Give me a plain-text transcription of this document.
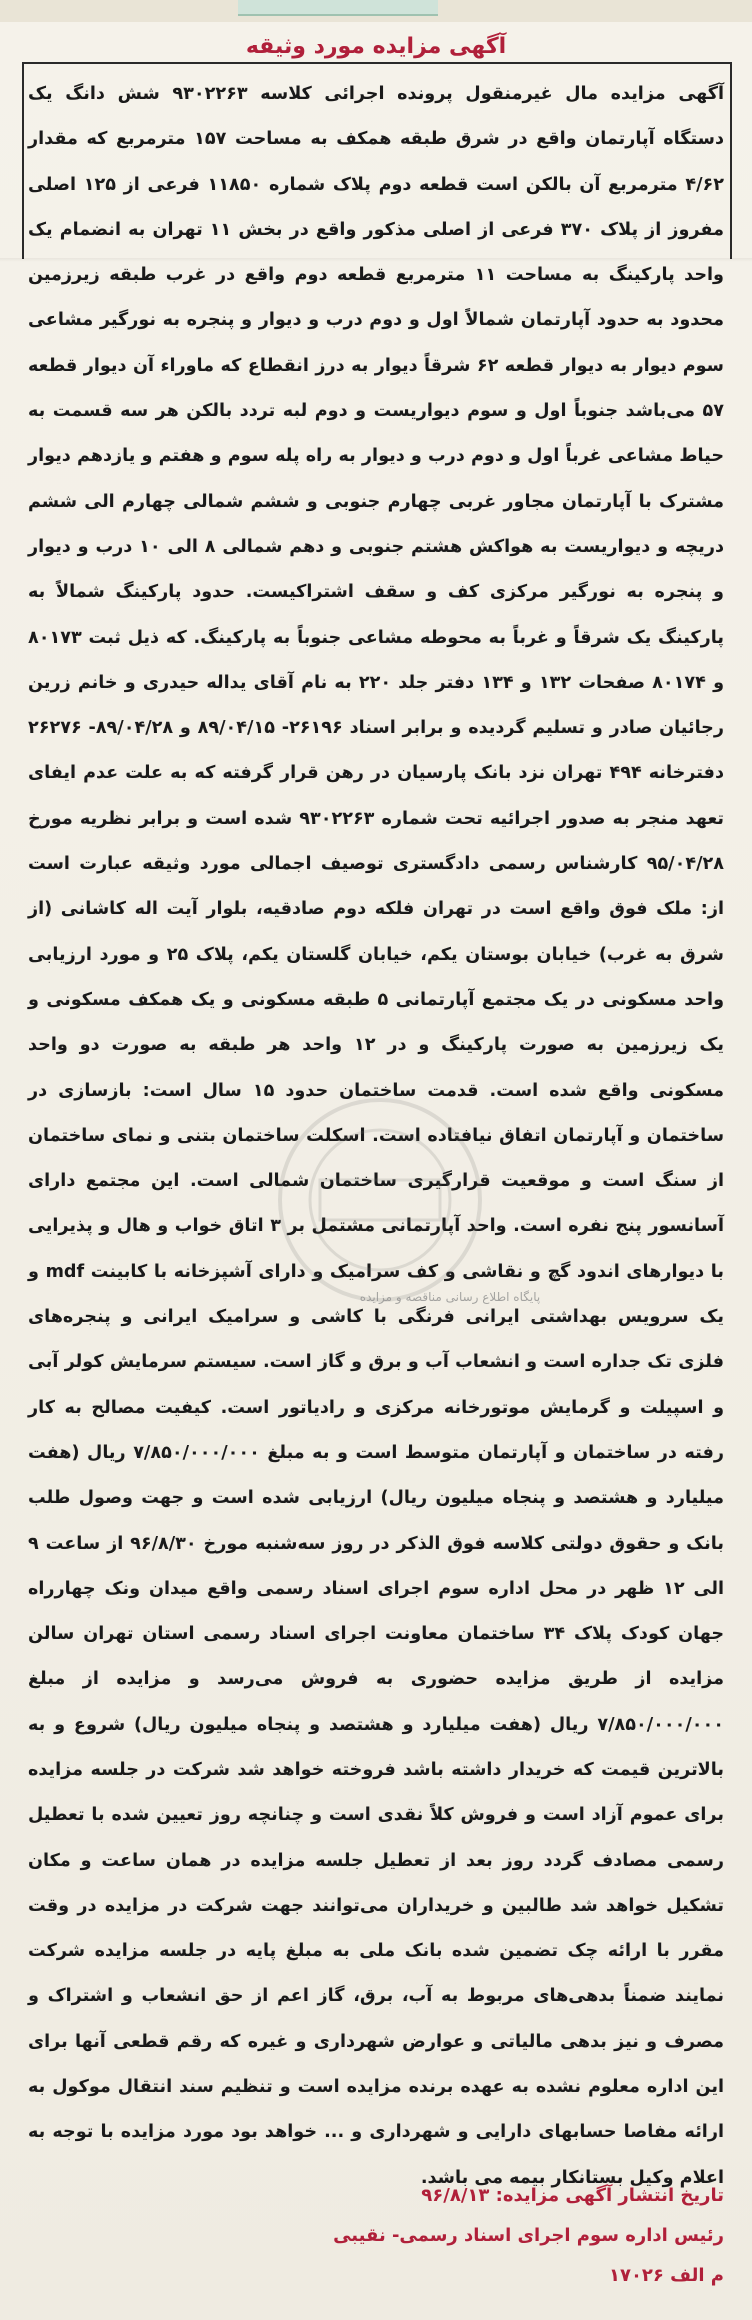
آگهی مزایده مورد وثیقه

آگهی مزایده مال غیرمنقول پرونده اجرائی کلاسه ۹۳۰۲۲۶۳ شش دانگ یک دستگاه آپارتمان واقع در شرق طبقه همکف به مساحت ۱۵۷ مترمربع که مقدار ۴/۶۲ مترمربع آن بالکن است قطعه دوم پلاک شماره ۱۱۸۵۰ فرعی از ۱۲۵ اصلی مفروز از پلاک ۳۷۰ فرعی از اصلی مذکور واقع در بخش ۱۱ تهران به انضمام یک واحد پارکینگ به مساحت ۱۱ مترمربع قطعه دوم واقع در غرب طبقه زیرزمین محدود به حدود آپارتمان شمالاً اول و دوم درب و دیوار و پنجره به نورگیر مشاعی سوم دیوار به دیوار قطعه ۶۲ شرقاً دیوار به درز انقطاع که ماوراء آن دیوار قطعه ۵۷ می‌باشد جنوباً اول و سوم دیواریست و دوم لبه تردد بالکن هر سه قسمت به حیاط مشاعی غرباً اول و دوم درب و دیوار به راه پله سوم و هفتم و یازدهم دیوار مشترک با آپارتمان مجاور غربی چهارم جنوبی و ششم شمالی چهارم الی ششم دریچه و دیواریست به هواکش هشتم جنوبی و دهم شمالی ۸ الی ۱۰ درب و دیوار و پنجره به نورگیر مرکزی کف و سقف اشتراکیست. حدود پارکینگ شمالاً به پارکینگ یک شرقاً و غرباً به محوطه مشاعی جنوباً به پارکینگ. که ذیل ثبت ۸۰۱۷۳ و ۸۰۱۷۴ صفحات ۱۳۲ و ۱۳۴ دفتر جلد ۲۲۰ به نام آقای یداله حیدری و خانم زرین رجائیان صادر و تسلیم گردیده و برابر اسناد ۲۶۱۹۶- ۸۹/۰۴/۱۵ و ۸۹/۰۴/۲۸- ۲۶۲۷۶ دفترخانه ۴۹۴ تهران نزد بانک پارسیان در رهن قرار گرفته که به علت عدم ایفای تعهد منجر به صدور اجرائیه تحت شماره ۹۳۰۲۲۶۳ شده است و برابر نظریه مورخ ۹۵/۰۴/۲۸ کارشناس رسمی دادگستری توصیف اجمالی مورد وثیقه عبارت است از: ملک فوق واقع است در تهران فلکه دوم صادقیه، بلوار آیت اله کاشانی (از شرق به غرب) خیابان بوستان یکم، خیابان گلستان یکم، پلاک ۲۵ و مورد ارزیابی واحد مسکونی در یک مجتمع آپارتمانی ۵ طبقه مسکونی و یک همکف مسکونی و یک زیرزمین به صورت پارکینگ و در ۱۲ واحد هر طبقه به صورت دو واحد مسکونی واقع شده است. قدمت ساختمان حدود ۱۵ سال است: بازسازی در ساختمان و آپارتمان اتفاق نیافتاده است. اسکلت ساختمان بتنی و نمای ساختمان از سنگ است و موقعیت قرارگیری ساختمان شمالی است. این مجتمع دارای آسانسور پنج نفره است. واحد آپارتمانی مشتمل بر ۳ اتاق خواب و هال و پذیرایی با دیوارهای اندود گچ و نقاشی و کف سرامیک و دارای آشپزخانه با کابینت mdf و یک سرویس بهداشتی ایرانی فرنگی با کاشی و سرامیک ایرانی و پنجره‌های فلزی تک جداره است و انشعاب آب و برق و گاز است. سیستم سرمایش کولر آبی و اسپیلت و گرمایش موتورخانه مرکزی و رادیاتور است. کیفیت مصالح به کار رفته در ساختمان و آپارتمان متوسط است و به مبلغ ۷/۸۵۰/۰۰۰/۰۰۰ ریال (هفت میلیارد و هشتصد و پنجاه میلیون ریال) ارزیابی شده است و جهت وصول طلب بانک و حقوق دولتی کلاسه فوق الذکر در روز سه‌شنبه مورخ ۹۶/۸/۳۰ از ساعت ۹ الی ۱۲ ظهر در محل اداره سوم اجرای اسناد رسمی واقع میدان ونک چهارراه جهان کودک پلاک ۳۴ ساختمان معاونت اجرای اسناد رسمی استان تهران سالن مزایده از طریق مزایده حضوری به فروش می‌رسد و مزایده از مبلغ ۷/۸۵۰/۰۰۰/۰۰۰ ریال (هفت میلیارد و هشتصد و پنجاه میلیون ریال) شروع و به بالاترین قیمت که خریدار داشته باشد فروخته خواهد شد شرکت در جلسه مزایده برای عموم آزاد است و فروش کلاً نقدی است و چنانچه روز تعیین شده با تعطیل رسمی مصادف گردد روز بعد از تعطیل جلسه مزایده در همان ساعت و مکان تشکیل خواهد شد طالبین و خریداران می‌توانند جهت شرکت در مزایده در وقت مقرر با ارائه چک تضمین شده بانک ملی به مبلغ پایه در جلسه مزایده شرکت نمایند ضمناً بدهی‌های مربوط به آب، برق، گاز اعم از حق انشعاب و اشتراک و مصرف و نیز بدهی مالیاتی و عوارض شهرداری و غیره که رقم قطعی آنها برای این اداره معلوم نشده به عهده برنده مزایده است و تنظیم سند انتقال موکول به ارائه مفاصا حسابهای دارایی و شهرداری و ... خواهد بود مورد مزایده با توجه به اعلام وکیل بستانکار بیمه می باشد.

پایگاه اطلاع رسانی مناقصه و مزایده
تاریخ انتشار آگهی مزایده: ۹۶/۸/۱۳
رئیس اداره سوم اجرای اسناد رسمی- نقیبی
م الف ۱۷۰۲۶
